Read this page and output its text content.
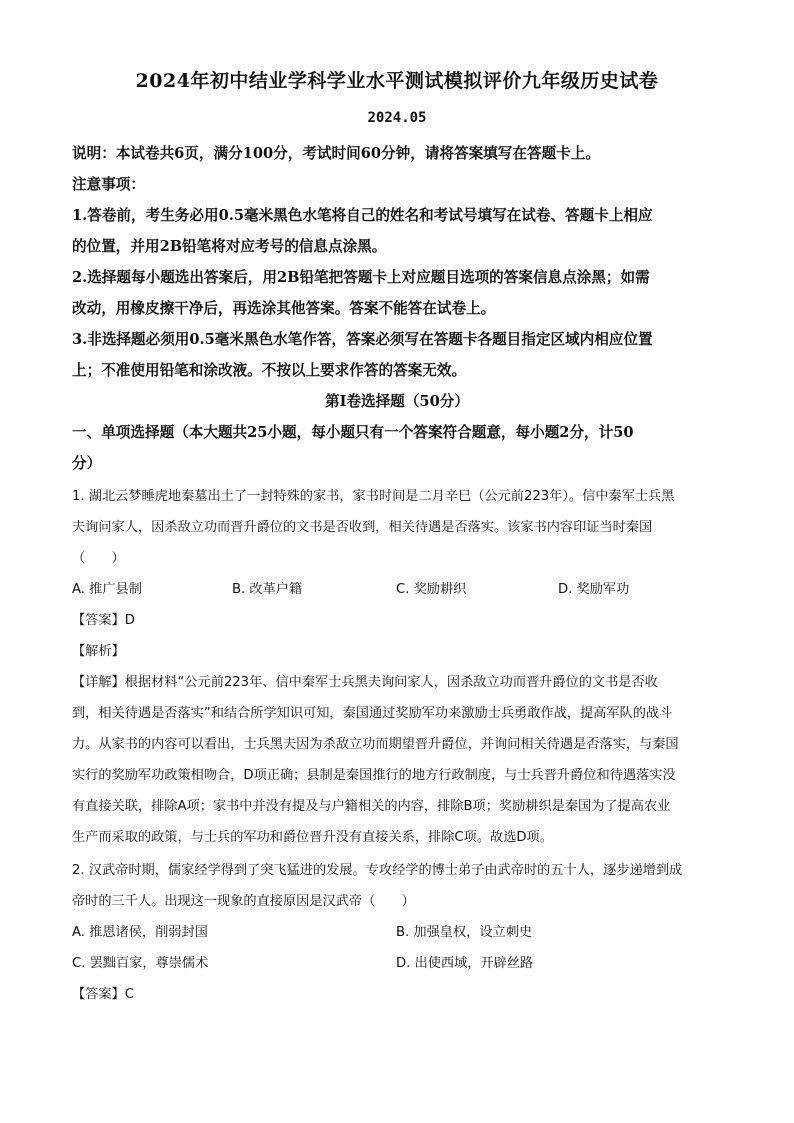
2024年初中结业学科学业水平测试模拟评价九年级历史试卷
2024.05
说明：本试卷共6页，满分100分，考试时间60分钟，请将答案填写在答题卡上。
注意事项：
1.答卷前，考生务必用0.5毫米黑色水笔将自己的姓名和考试号填写在试卷、答题卡上相应
的位置，并用2B铅笔将对应考号的信息点涂黑。
2.选择题每小题选出答案后，用2B铅笔把答题卡上对应题目选项的答案信息点涂黑；如需
改动，用橡皮擦干净后，再选涂其他答案。答案不能答在试卷上。
3.非选择题必须用0.5毫米黑色水笔作答，答案必须写在答题卡各题目指定区域内相应位置
上；不准使用铅笔和涂改液。不按以上要求作答的答案无效。
第Ⅰ卷选择题（50分）
一、单项选择题（本大题共25小题，每小题只有一个答案符合题意，每小题2分，计50
分）
1. 湖北云梦睡虎地秦墓出土了一封特殊的家书，家书时间是二月辛巳（公元前223年）。信中秦军士兵黑
夫询问家人，因杀敌立功而晋升爵位的文书是否收到，相关待遇是否落实。该家书内容印证当时秦国
（　　）
A. 推广县制	B. 改革户籍	C. 奖励耕织	D. 奖励军功
【答案】D
【解析】
【详解】根据材料“公元前223年、信中秦军士兵黑夫询问家人，因杀敌立功而晋升爵位的文书是否收
到，相关待遇是否落实”和结合所学知识可知，秦国通过奖励军功来激励士兵勇敢作战，提高军队的战斗
力。从家书的内容可以看出，士兵黑夫因为杀敌立功而期望晋升爵位，并询问相关待遇是否落实，与秦国
实行的奖励军功政策相吻合，D项正确；县制是秦国推行的地方行政制度，与士兵晋升爵位和待遇落实没
有直接关联，排除A项；家书中并没有提及与户籍相关的内容，排除B项；奖励耕织是秦国为了提高农业
生产而采取的政策，与士兵的军功和爵位晋升没有直接关系，排除C项。故选D项。
2. 汉武帝时期，儒家经学得到了突飞猛进的发展。专攻经学的博士弟子由武帝时的五十人，逐步递增到成
帝时的三千人。出现这一现象的直接原因是汉武帝（　　）
A. 推恩诸侯，削弱封国	B. 加强皇权，设立刺史
C. 罢黜百家，尊崇儒术	D. 出使西域，开辟丝路
【答案】C
